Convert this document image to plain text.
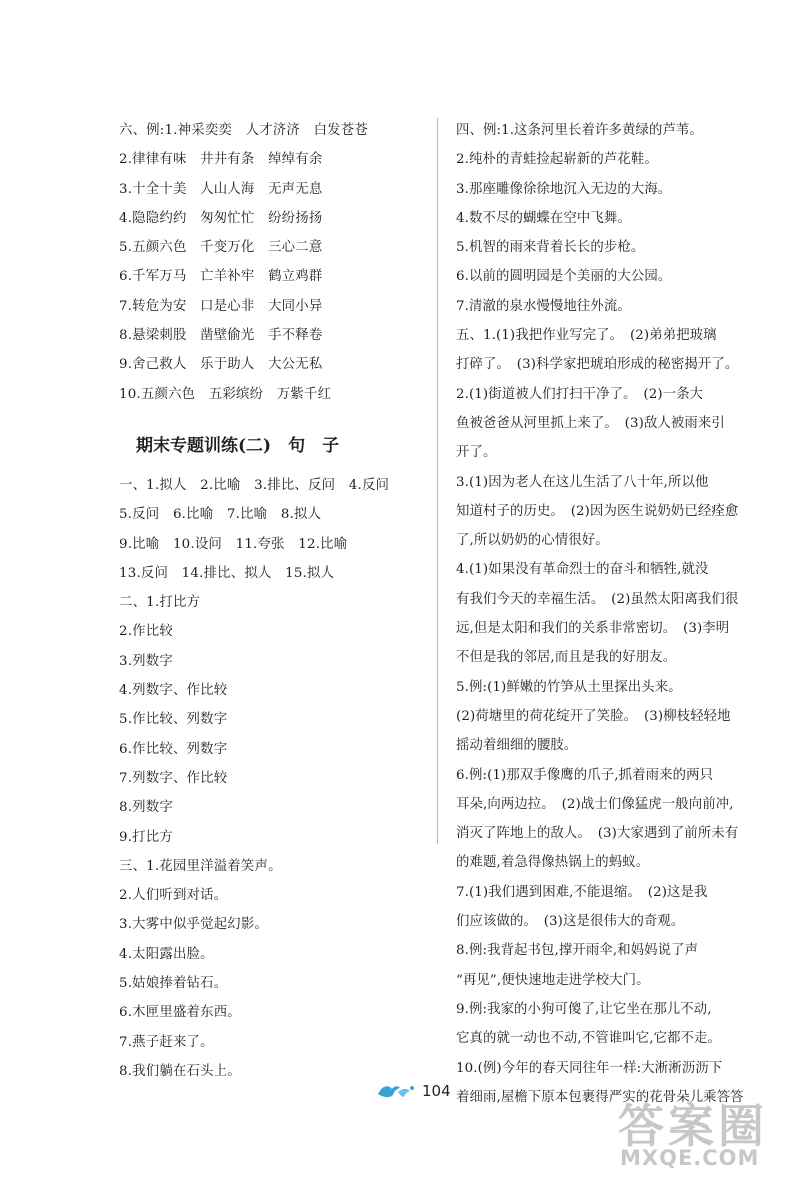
六、例:1.神采奕奕　人才济济　白发苍苍
2.律律有味　井井有条　绰绰有余
3.十全十美　人山人海　无声无息
4.隐隐约约　匆匆忙忙　纷纷扬扬
5.五颜六色　千变万化　三心二意
6.千军万马　亡羊补牢　鹤立鸡群
7.转危为安　口是心非　大同小异
8.悬梁刺股　凿壁偷光　手不释卷
9.舍己救人　乐于助人　大公无私
10.五颜六色　五彩缤纷　万紫千红
期末专题训练(二)　句　子
一、1.拟人　2.比喻　3.排比、反问　4.反问
5.反问　6.比喻　7.比喻　8.拟人
9.比喻　10.设问　11.夸张　12.比喻
13.反问　14.排比、拟人　15.拟人
二、1.打比方
2.作比较
3.列数字
4.列数字、作比较
5.作比较、列数字
6.作比较、列数字
7.列数字、作比较
8.列数字
9.打比方
三、1.花园里洋溢着笑声。
2.人们听到对话。
3.大雾中似乎觉起幻影。
4.太阳露出脸。
5.姑娘捧着钻石。
6.木匣里盛着东西。
7.燕子赶来了。
8.我们躺在石头上。
四、例:1.这条河里长着许多黄绿的芦苇。
2.纯朴的青蛙捡起崭新的芦花鞋。
3.那座雕像徐徐地沉入无边的大海。
4.数不尽的蝴蝶在空中飞舞。
5.机智的雨来背着长长的步枪。
6.以前的圆明园是个美丽的大公园。
7.清澈的泉水慢慢地往外流。
五、1.(1)我把作业写完了。　(2)弟弟把玻璃
打碎了。　(3)科学家把琥珀形成的秘密揭开了。
2.(1)街道被人们打扫干净了。　(2)一条大
鱼被爸爸从河里抓上来了。　(3)敌人被雨来引
开了。
3.(1)因为老人在这儿生活了八十年,所以他
知道村子的历史。　(2)因为医生说奶奶已经痊愈
了,所以奶奶的心情很好。
4.(1)如果没有革命烈士的奋斗和牺牲,就没
有我们今天的幸福生活。　(2)虽然太阳离我们很
远,但是太阳和我们的关系非常密切。　(3)李明
不但是我的邻居,而且是我的好朋友。
5.例:(1)鲜嫩的竹笋从土里探出头来。
(2)荷塘里的荷花绽开了笑脸。　(3)柳枝轻轻地
摇动着细细的腰肢。
6.例:(1)那双手像鹰的爪子,抓着雨来的两只
耳朵,向两边拉。　(2)战士们像猛虎一般向前冲,
消灭了阵地上的敌人。　(3)大家遇到了前所未有
的难题,着急得像热锅上的蚂蚁。
7.(1)我们遇到困难,不能退缩。　(2)这是我
们应该做的。　(3)这是很伟大的奇观。
8.例:我背起书包,撑开雨伞,和妈妈说了声
“再见”,便快速地走进学校大门。
9.例:我家的小狗可傻了,让它坐在那儿不动,
它真的就一动也不动,不管谁叫它,它都不走。
10.(例)今年的春天同往年一样:大淅淅沥沥下
着细雨,屋檐下原本包裹得严实的花骨朵儿乘答答
104
答案圈
MXQE.COM
